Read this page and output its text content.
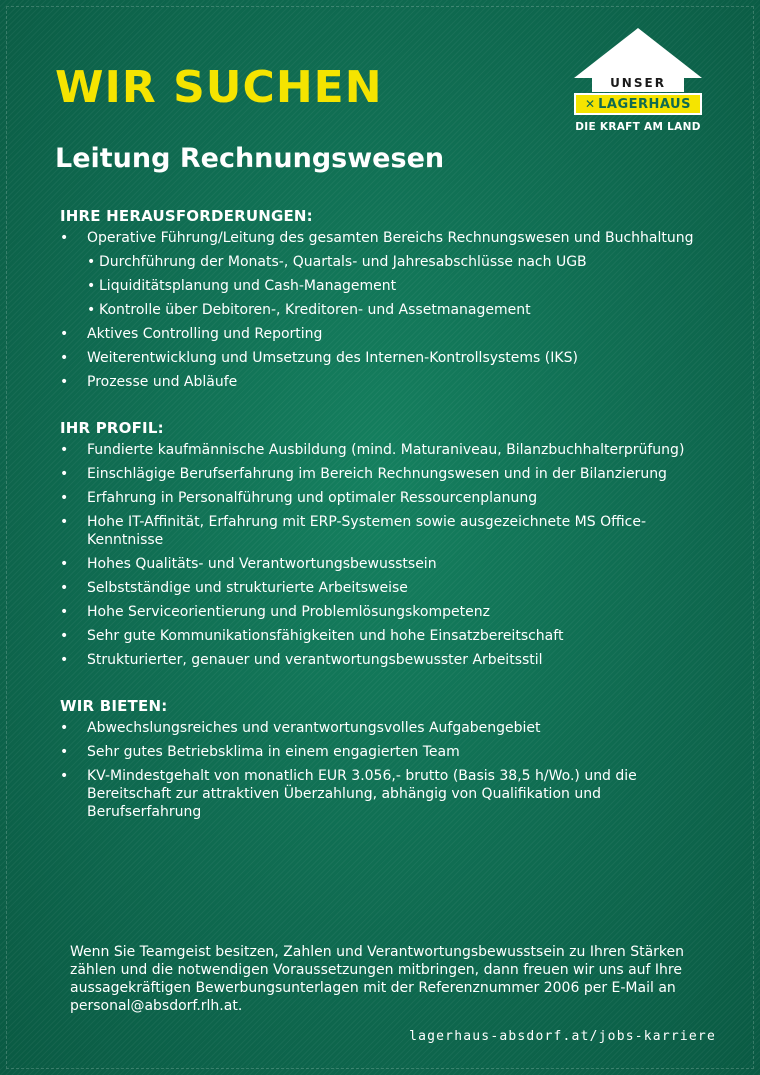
WIR SUCHEN
Leitung Rechnungswesen
UNSER
✕ LAGERHAUS
DIE KRAFT AM LAND
IHRE HERAUSFORDERUNGEN:
• Operative Führung/Leitung des gesamten Bereichs Rechnungswesen und Buchhaltung
• Durchführung der Monats-, Quartals- und Jahresabschlüsse nach UGB
• Liquiditätsplanung und Cash-Management
• Kontrolle über Debitoren-, Kreditoren- und Assetmanagement
• Aktives Controlling und Reporting
• Weiterentwicklung und Umsetzung des Internen-Kontrollsystems (IKS)
• Prozesse und Abläufe
IHR PROFIL:
• Fundierte kaufmännische Ausbildung (mind. Maturaniveau, Bilanzbuchhalterprüfung)
• Einschlägige Berufserfahrung im Bereich Rechnungswesen und in der Bilanzierung
• Erfahrung in Personalführung und optimaler Ressourcenplanung
• Hohe IT-Affinität, Erfahrung mit ERP-Systemen sowie ausgezeichnete MS Office-Kenntnisse
• Hohes Qualitäts- und Verantwortungsbewusstsein
• Selbstständige und strukturierte Arbeitsweise
• Hohe Serviceorientierung und Problemlösungskompetenz
• Sehr gute Kommunikationsfähigkeiten und hohe Einsatzbereitschaft
• Strukturierter, genauer und verantwortungsbewusster Arbeitsstil
WIR BIETEN:
• Abwechslungsreiches und verantwortungsvolles Aufgabengebiet
• Sehr gutes Betriebsklima in einem engagierten Team
• KV-Mindestgehalt von monatlich EUR 3.056,- brutto (Basis 38,5 h/Wo.) und die Bereitschaft zur attraktiven Überzahlung, abhängig von Qualifikation und Berufserfahrung

Wenn Sie Teamgeist besitzen, Zahlen und Verantwortungsbewusstsein zu Ihren Stärken zählen und die notwendigen Voraussetzungen mitbringen, dann freuen wir uns auf Ihre aussagekräftigen Bewerbungsunterlagen mit der Referenznummer 2006 per E-Mail an personal@absdorf.rlh.at.

lagerhaus-absdorf.at/jobs-karriere
